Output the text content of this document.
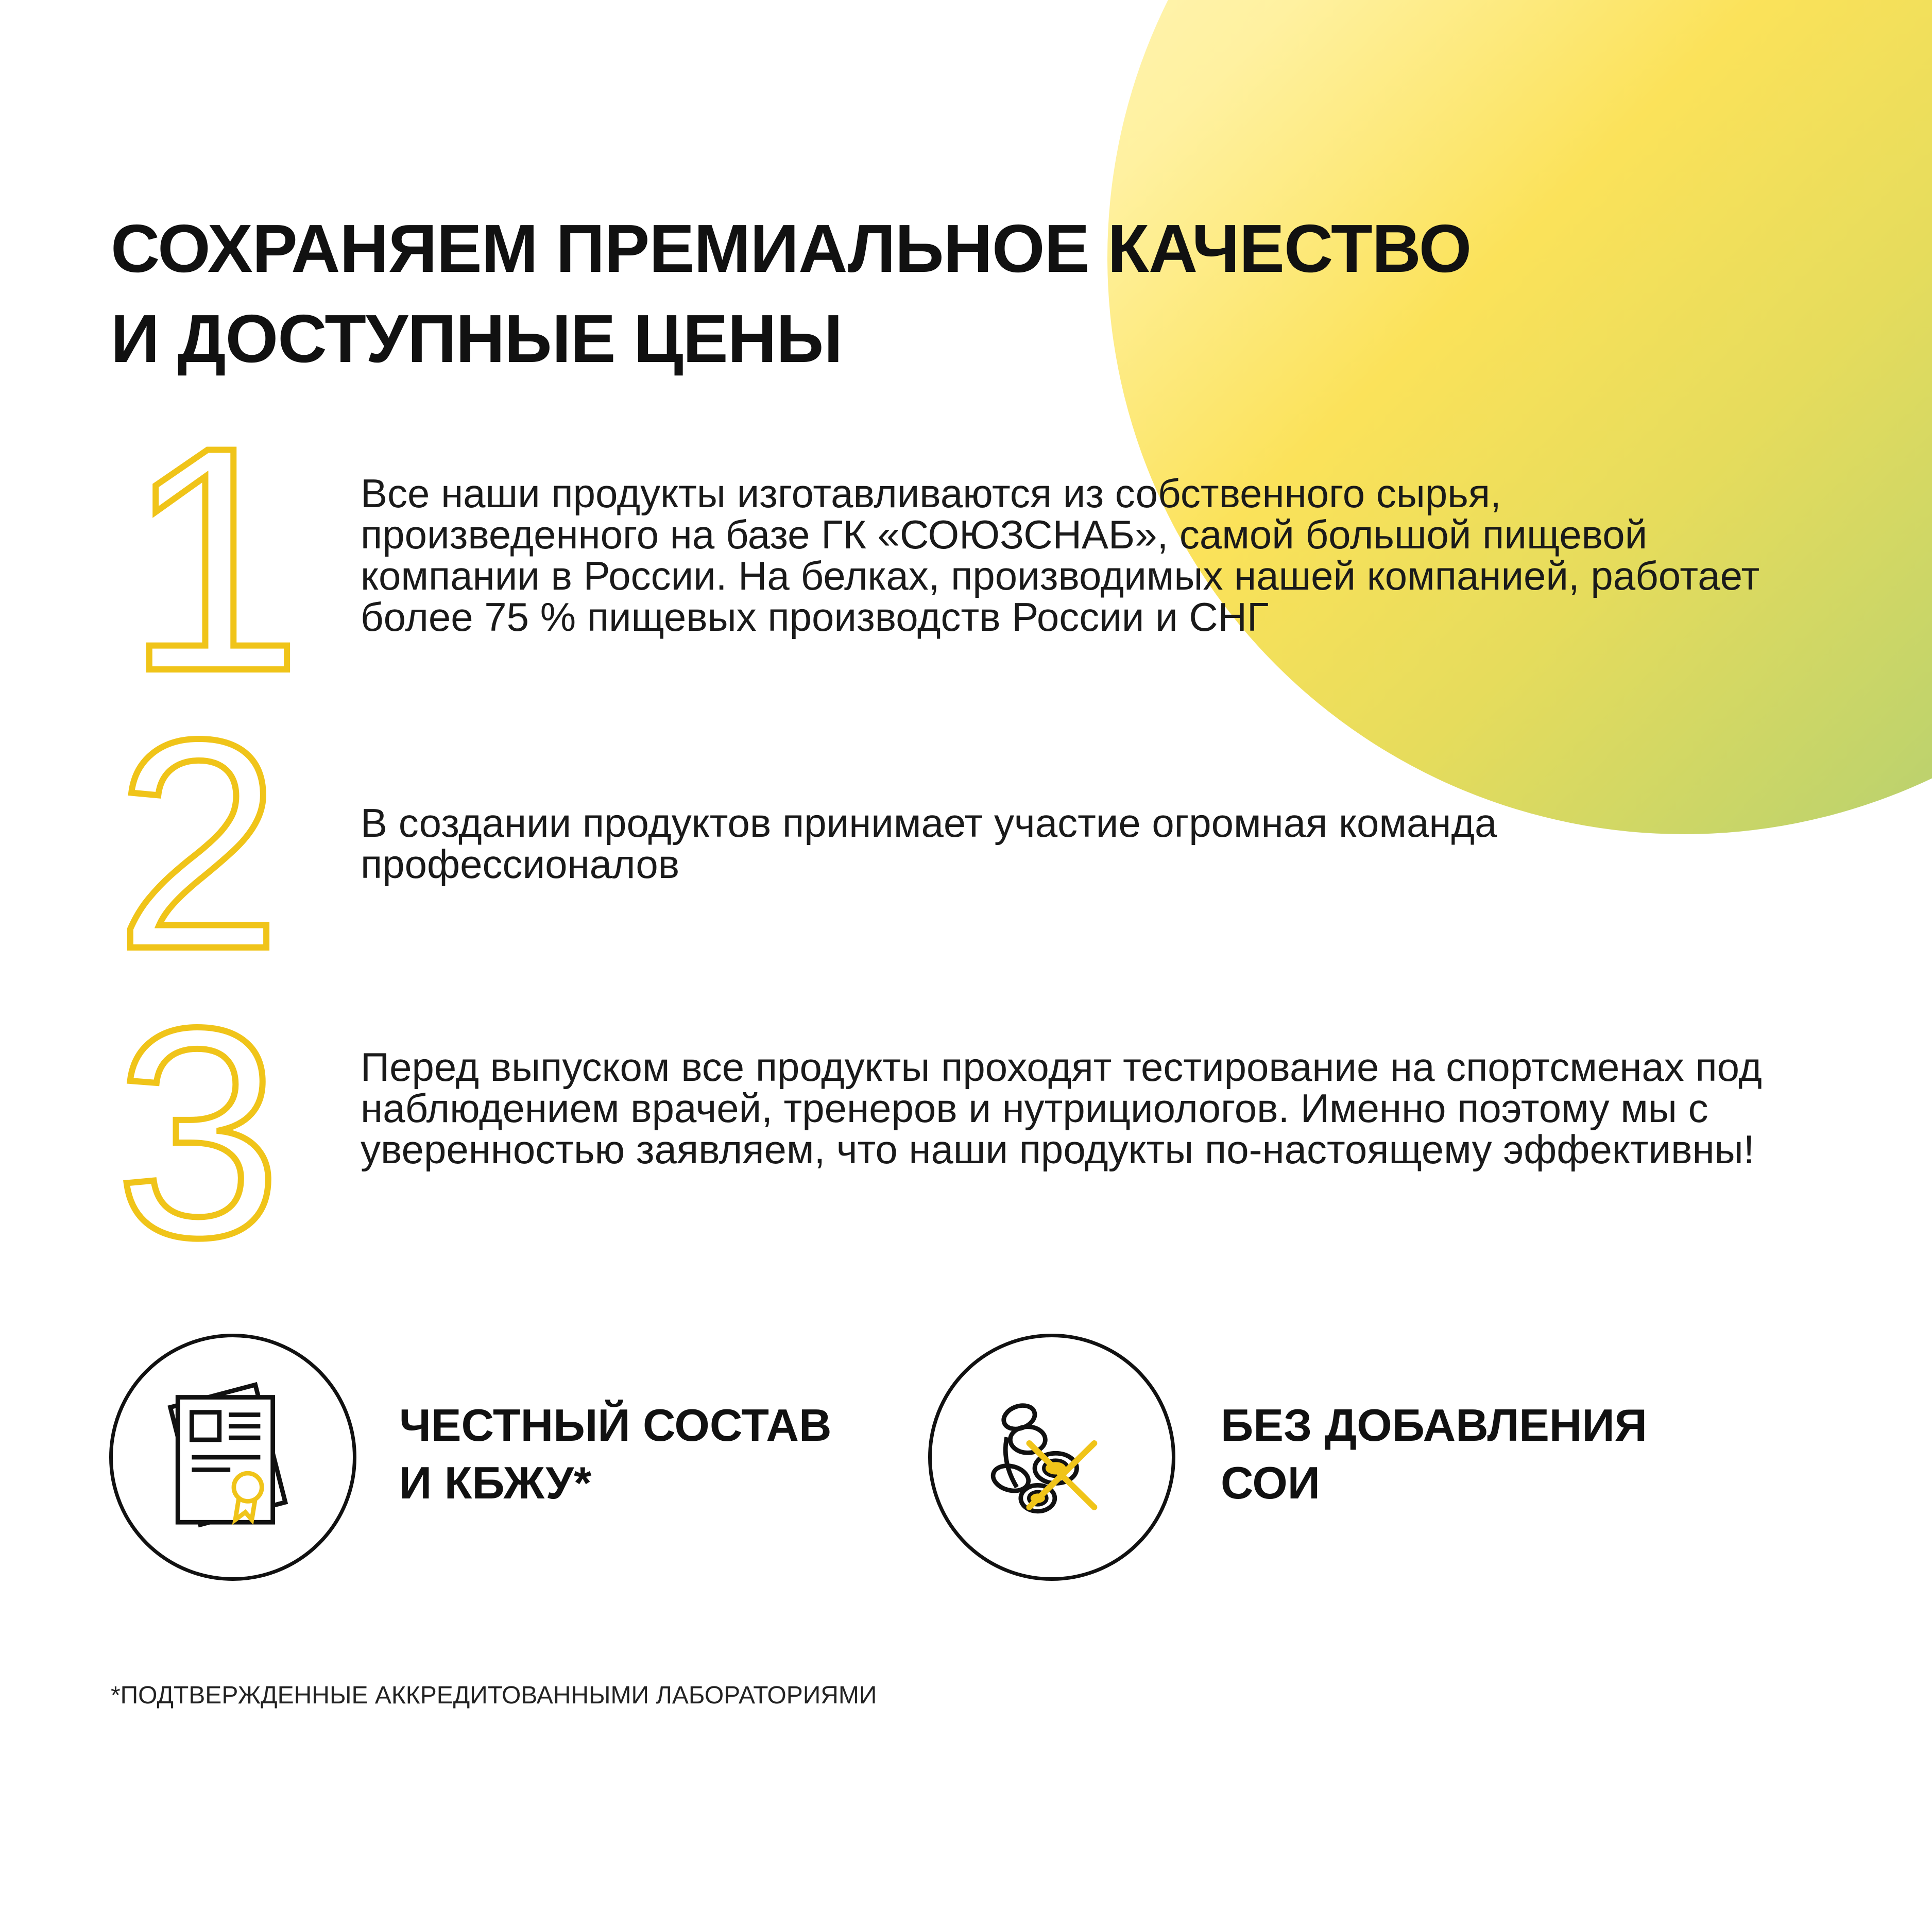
СОХРАНЯЕМ ПРЕМИАЛЬНОЕ КАЧЕСТВО
И ДОСТУПНЫЕ ЦЕНЫ
1 Все наши продукты изготавливаются из собственного сырья, произведенного на базе ГК «СОЮЗСНАБ», самой большой пищевой компании в России. На белках, производимых нашей компанией, работает более 75 % пищевых производств России и СНГ

2 В создании продуктов принимает участие огромная команда профессионалов

3 Перед выпуском все продукты проходят тестирование на спортсменах под наблюдением врачей, тренеров и нутрициологов. Именно поэтому мы с уверенностью заявляем, что наши продукты по-настоящему эффективны!

ЧЕСТНЫЙ СОСТАВ
И КБЖУ*

БЕЗ ДОБАВЛЕНИЯ
СОИ

*ПОДТВЕРЖДЕННЫЕ АККРЕДИТОВАННЫМИ ЛАБОРАТОРИЯМИ
